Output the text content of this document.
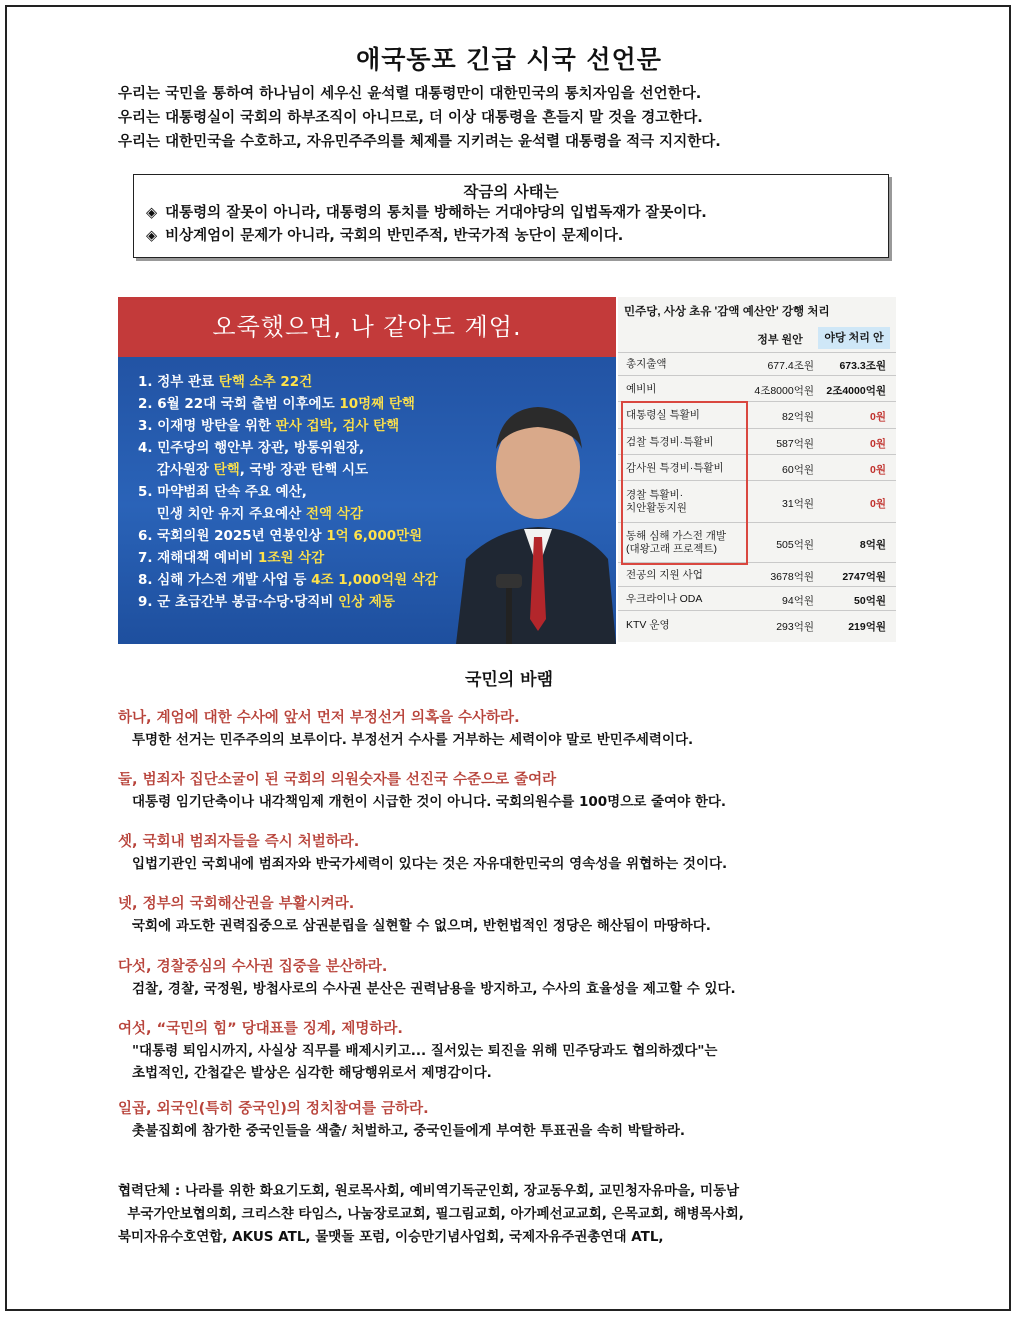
애국동포 긴급 시국 선언문
우리는 국민을 통하여 하나님이 세우신 윤석렬 대통령만이 대한민국의 통치자임을 선언한다.
우리는 대통령실이 국회의 하부조직이 아니므로, 더 이상 대통령을 흔들지 말 것을 경고한다.
우리는 대한민국을 수호하고, 자유민주주의를 체제를 지키려는 윤석렬 대통령을 적극 지지한다.
작금의 사태는
◈ 대통령의 잘못이 아니라, 대통령의 통치를 방해하는 거대야당의 입법독재가 잘못이다.
◈ 비상계엄이 문제가 아니라, 국회의 반민주적, 반국가적 농단이 문제이다.
오죽했으면, 나 같아도 계엄.
1. 정부 관료 탄핵 소추 22건
2. 6월 22대 국회 출범 이후에도 10명째 탄핵
3. 이재명 방탄을 위한 판사 겁박, 검사 탄핵
4. 민주당의 행안부 장관, 방통위원장,
감사원장 탄핵, 국방 장관 탄핵 시도
5. 마약범죄 단속 주요 예산,
민생 치안 유지 주요예산 전액 삭감
6. 국회의원 2025년 연봉인상 1억 6,000만원
7. 재해대책 예비비 1조원 삭감
8. 심해 가스전 개발 사업 등 4조 1,000억원 삭감
9. 군 초급간부 봉급·수당·당직비 인상 제동
민주당, 사상 초유 '감액 예산안' 강행 처리
정부 원안	야당 처리 안
총지출액	677.4조원	673.3조원
예비비	4조8000억원	2조4000억원
대통령실 특활비	82억원	0원
검찰 특경비·특활비	587억원	0원
감사원 특경비·특활비	60억원	0원
경찰 특활비·
치안활동지원	31억원	0원
동해 심해 가스전 개발
(대왕고래 프로젝트)	505억원	8억원
전공의 지원 사업	3678억원	2747억원
우크라이나 ODA	94억원	50억원
KTV 운영	293억원	219억원
국민의 바램
하나, 계엄에 대한 수사에 앞서 먼저 부정선거 의혹을 수사하라.
투명한 선거는 민주주의의 보루이다. 부정선거 수사를 거부하는 세력이야 말로 반민주세력이다.
둘, 범죄자 집단소굴이 된 국회의 의원숫자를 선진국 수준으로 줄여라
대통령 임기단축이나 내각책임제 개헌이 시급한 것이 아니다. 국회의원수를 100명으로 줄여야 한다.
셋, 국회내 범죄자들을 즉시 처벌하라.
입법기관인 국회내에 범죄자와 반국가세력이 있다는 것은 자유대한민국의 영속성을 위협하는 것이다.
넷, 정부의 국회해산권을 부활시켜라.
국회에 과도한 권력집중으로 삼권분립을 실현할 수 없으며, 반헌법적인 정당은 해산됨이 마땅하다.
다섯, 경찰중심의 수사권 집중을 분산하라.
검찰, 경찰, 국정원, 방첩사로의 수사권 분산은 권력남용을 방지하고, 수사의 효율성을 제고할 수 있다.
여섯, “국민의 힘” 당대표를 징계, 제명하라.
"대통령 퇴임시까지, 사실상 직무를 배제시키고... 질서있는 퇴진을 위해 민주당과도 협의하겠다"는
초법적인, 간첩같은 발상은 심각한 해당행위로서 제명감이다.
일곱, 외국인(특히 중국인)의 정치참여를 금하라.
촛불집회에 참가한 중국인들을 색출/ 처벌하고, 중국인들에게 부여한 투표권을 속히 박탈하라.
협력단체 : 나라를 위한 화요기도회, 원로목사회, 예비역기독군인회, 장교동우회, 교민청자유마을, 미동남
부국가안보협의회, 크리스챤 타임스, 나눔장로교회, 필그림교회, 아가페선교교회, 은목교회, 해병목사회,
북미자유수호연합, AKUS ATL, 물맷돌 포럼, 이승만기념사업회, 국제자유주권총연대 ATL,
